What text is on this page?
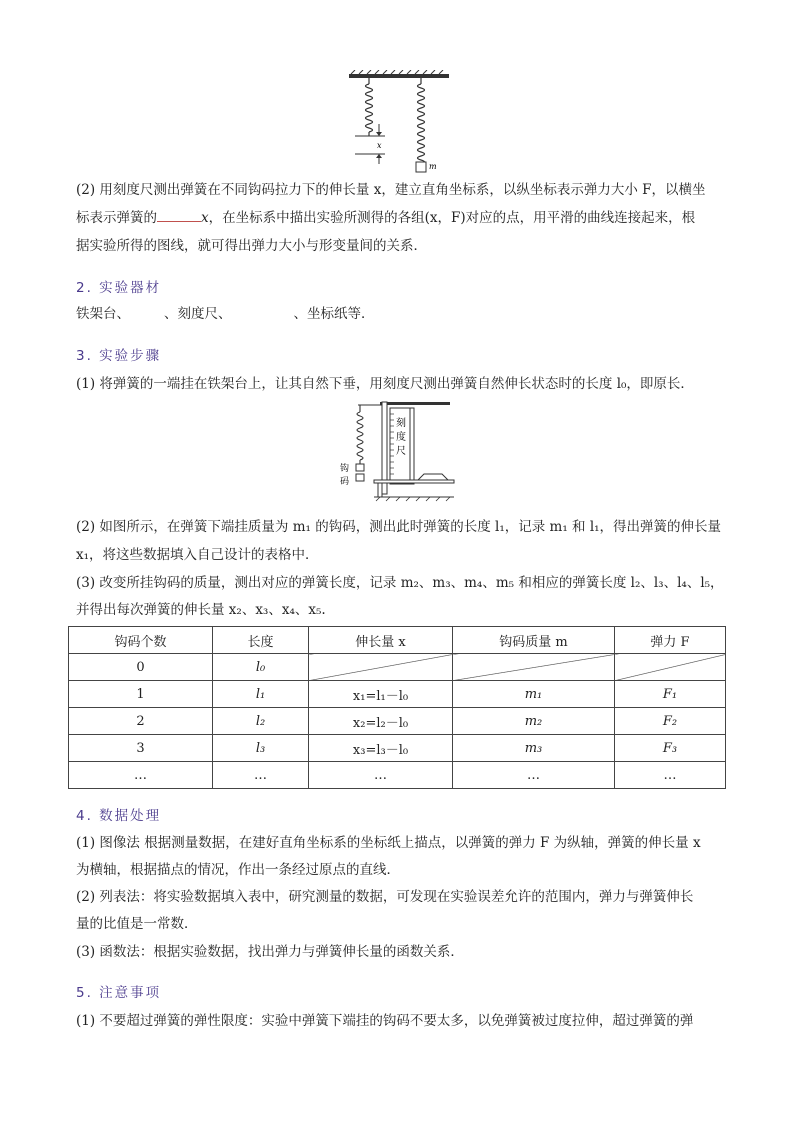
m
x
(2) 用刻度尺测出弹簧在不同钩码拉力下的伸长量 x，建立直角坐标系，以纵坐标表示弹力大小 F，以横坐
标表示弹簧的	x，在坐标系中描出实验所测得的各组(x，F)对应的点，用平滑的曲线连接起来，根
据实验所得的图线，就可得出弹力大小与形变量间的关系．
2. 实验器材
铁架台、	、刻度尺、	、坐标纸等．
3. 实验步骤
(1) 将弹簧的一端挂在铁架台上，让其自然下垂，用刻度尺测出弹簧自然伸长状态时的长度 l₀，即原长．
刻
度
尺
钩
码
(2) 如图所示，在弹簧下端挂质量为 m₁ 的钩码，测出此时弹簧的长度 l₁，记录 m₁ 和 l₁，得出弹簧的伸长量
x₁，将这些数据填入自己设计的表格中．
(3) 改变所挂钩码的质量，测出对应的弹簧长度，记录 m₂、m₃、m₄、m₅ 和相应的弹簧长度 l₂、l₃、l₄、l₅，
并得出每次弹簧的伸长量 x₂、x₃、x₄、x₅.
钩码个数	长度	伸长量 x	钩码质量 m	弹力 F
0	l₀			
1	l₁	x₁=l₁－l₀	m₁	F₁
2	l₂	x₂=l₂－l₀	m₂	F₂
3	l₃	x₃=l₃－l₀	m₃	F₃
…	…	…	…	…
4. 数据处理
(1) 图像法 根据测量数据，在建好直角坐标系的坐标纸上描点，以弹簧的弹力 F 为纵轴，弹簧的伸长量 x
为横轴，根据描点的情况，作出一条经过原点的直线．
(2) 列表法：将实验数据填入表中，研究测量的数据，可发现在实验误差允许的范围内，弹力与弹簧伸长
量的比值是一常数．
(3) 函数法：根据实验数据，找出弹力与弹簧伸长量的函数关系．
5. 注意事项
(1) 不要超过弹簧的弹性限度：实验中弹簧下端挂的钩码不要太多，以免弹簧被过度拉伸，超过弹簧的弹
